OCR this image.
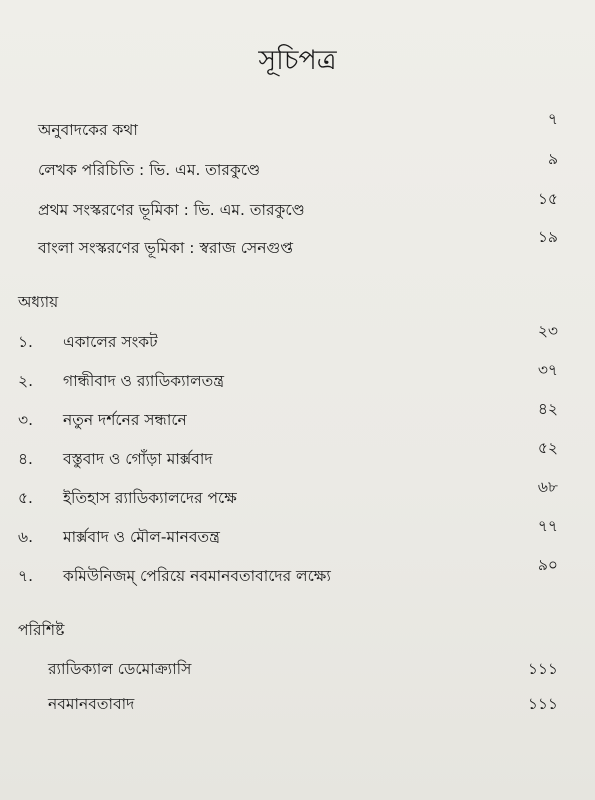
সূচিপত্র
অনুবাদকের কথা
৭
লেখক পরিচিতি : ভি. এম. তারকুণ্ডে
৯
প্রথম সংস্করণের ভূমিকা : ভি. এম. তারকুণ্ডে
১৫
বাংলা সংস্করণের ভূমিকা : স্বরাজ সেনগুপ্ত
১৯
অধ্যায়
১. একালের সংকট
২৩
২. গান্ধীবাদ ও র‍্যাডিক্যালতন্ত্র
৩৭
৩. নতুন দর্শনের সন্ধানে
৪২
৪. বস্তুবাদ ও গোঁড়া মার্ক্সবাদ
৫২
৫. ইতিহাস র‍্যাডিক্যালদের পক্ষে
৬৮
৬. মার্ক্সবাদ ও মৌল-মানবতন্ত্র
৭৭
৭. কমিউনিজম্ পেরিয়ে নবমানবতাবাদের লক্ষ্যে
৯০
পরিশিষ্ট
র‍্যাডিক্যাল ডেমোক্র্যাসি	১১১
নবমানবতাবাদ	১১১
